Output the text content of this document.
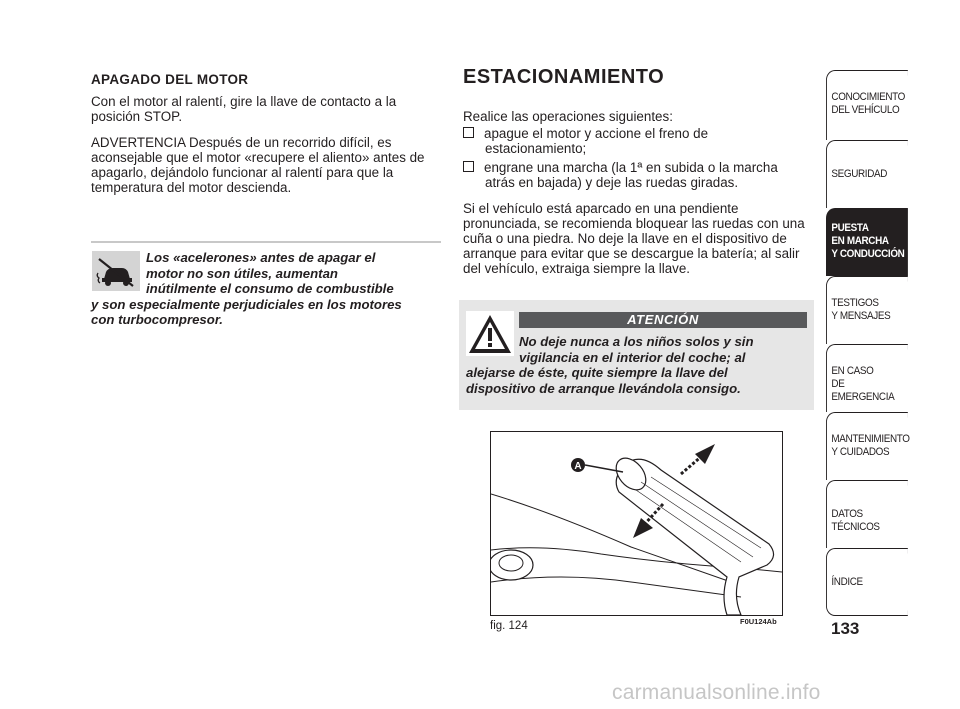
APAGADO DEL MOTOR

Con el motor al ralentí, gire la llave de contacto a la posición STOP.

ADVERTENCIA Después de un recorrido difícil, es aconsejable que el motor «recupere el aliento» antes de apagarlo, dejándolo funcionar al ralentí para que la temperatura del motor descienda.

Los «acelerones» antes de apagar el
motor no son útiles, aumentan
inútilmente el consumo de combustible
y son especialmente perjudiciales en los motores
con turbocompresor.
ESTACIONAMIENTO

Realice las operaciones siguientes:

apague el motor y accione el freno de
estacionamiento;
engrane una marcha (la 1ª en subida o la marcha
atrás en bajada) y deje las ruedas giradas.

Si el vehículo está aparcado en una pendiente pronunciada, se recomienda bloquear las ruedas con una cuña o una piedra. No deje la llave en el dispositivo de arranque para evitar que se descargue la batería; al salir del vehículo, extraiga siempre la llave.

ATENCIÓN
No deje nunca a los niños solos y sin
vigilancia en el interior del coche; al
alejarse de éste, quite siempre la llave del
dispositivo de arranque llevándola consigo.
A
fig. 124	F0U124Ab
CONOCIMIENTO
DEL VEHÍCULO
SEGURIDAD
PUESTA
EN MARCHA
Y CONDUCCIÓN
TESTIGOS
Y MENSAJES
EN CASO
DE EMERGENCIA
MANTENIMIENTO
Y CUIDADOS
DATOS TÉCNICOS
ÍNDICE
133
carmanualsonline.info
